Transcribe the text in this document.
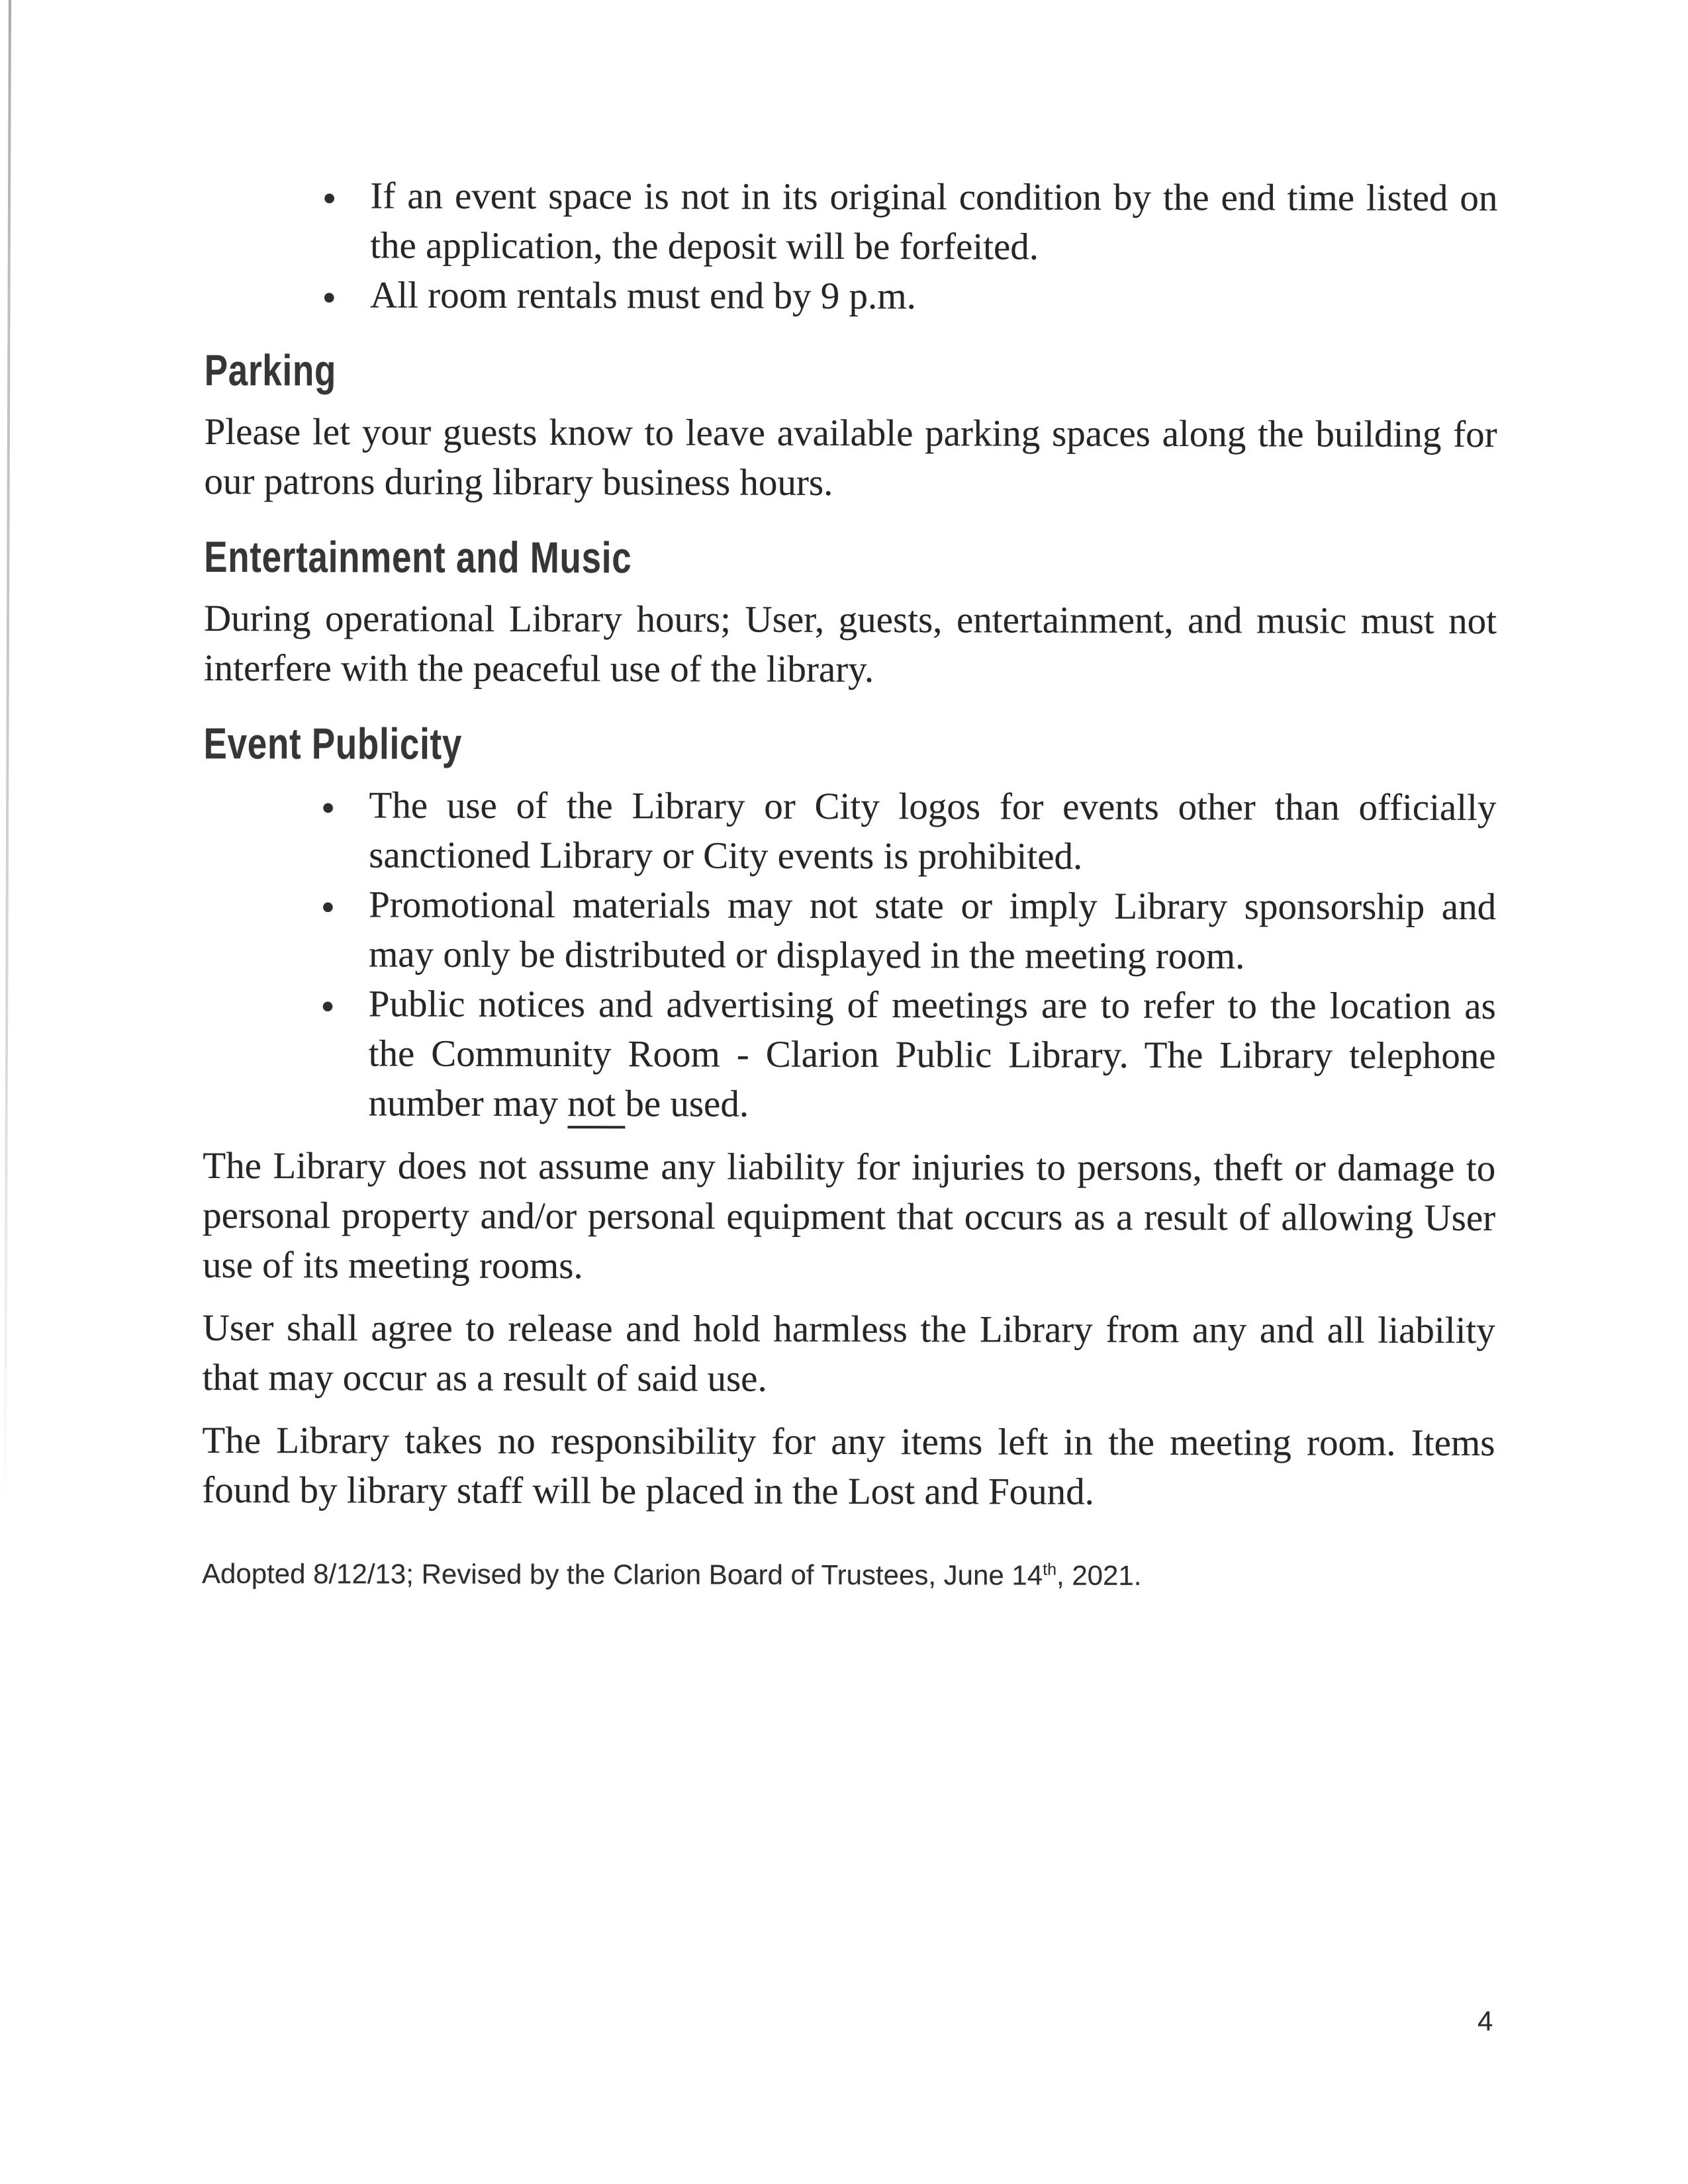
● If an event space is not in its original condition by the end time listed on the application, the deposit will be forfeited.
● All room rentals must end by 9 p.m.
Parking

Please let your guests know to leave available parking spaces along the building for our patrons during library business hours.

Entertainment and Music

During operational Library hours; User, guests, entertainment, and music must not interfere with the peaceful use of the library.

Event Publicity
● The use of the Library or City logos for events other than officially sanctioned Library or City events is prohibited.
● Promotional materials may not state or imply Library sponsorship and may only be distributed or displayed in the meeting room.
● Public notices and advertising of meetings are to refer to the location as the Community Room - Clarion Public Library. The Library telephone number may not be used.

The Library does not assume any liability for injuries to persons, theft or damage to personal property and/or personal equipment that occurs as a result of allowing User use of its meeting rooms.

User shall agree to release and hold harmless the Library from any and all liability that may occur as a result of said use.

The Library takes no responsibility for any items left in the meeting room. Items found by library staff will be placed in the Lost and Found.

Adopted 8/12/13; Revised by the Clarion Board of Trustees, June 14th, 2021.

4
